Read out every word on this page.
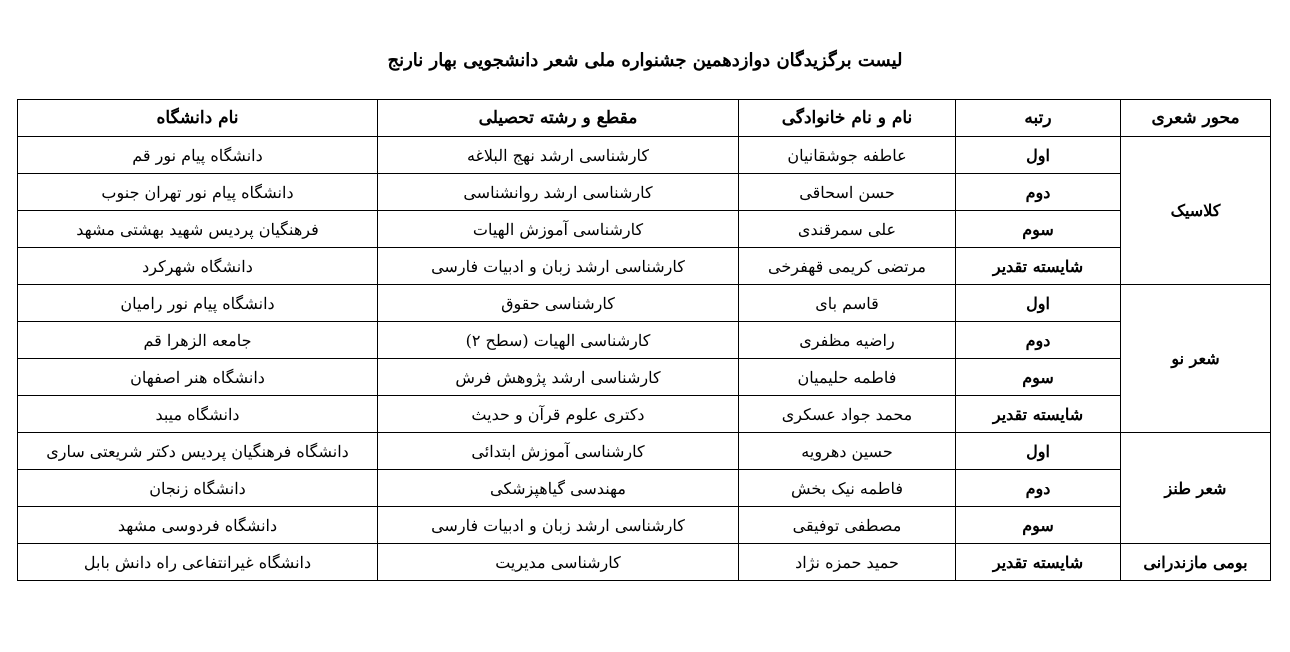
لیست برگزیدگان دوازدهمین جشنواره ملی شعر دانشجویی بهار نارنج
محور شعری	رتبه	نام و نام خانوادگی	مقطع و رشته تحصیلی	نام دانشگاه
کلاسیک	اول	عاطفه جوشقانیان	کارشناسی ارشد نهج البلاغه	دانشگاه پیام نور قم
	دوم	حسن اسحاقی	کارشناسی ارشد روانشناسی	دانشگاه پیام نور تهران جنوب
	سوم	علی سمرقندی	کارشناسی آموزش الهیات	فرهنگیان پردیس شهید بهشتی مشهد
	شایسته تقدیر	مرتضی کریمی قهفرخی	کارشناسی ارشد زبان و ادبیات فارسی	دانشگاه شهرکرد
شعر نو	اول	قاسم بای	کارشناسی حقوق	دانشگاه پیام نور رامیان
	دوم	راضیه مظفری	کارشناسی الهیات (سطح ۲)	جامعه الزهرا قم
	سوم	فاطمه حلیمیان	کارشناسی ارشد پژوهش فرش	دانشگاه هنر اصفهان
	شایسته تقدیر	محمد جواد عسکری	دکتری علوم قرآن و حدیث	دانشگاه میبد
شعر طنز	اول	حسین دهرویه	کارشناسی آموزش ابتدائی	دانشگاه فرهنگیان پردیس دکتر شریعتی ساری
	دوم	فاطمه نیک بخش	مهندسی گیاهپزشکی	دانشگاه زنجان
	سوم	مصطفی توفیقی	کارشناسی ارشد زبان و ادبیات فارسی	دانشگاه فردوسی مشهد
بومی مازندرانی	شایسته تقدیر	حمید حمزه نژاد	کارشناسی مدیریت	دانشگاه غیرانتفاعی راه دانش بابل
